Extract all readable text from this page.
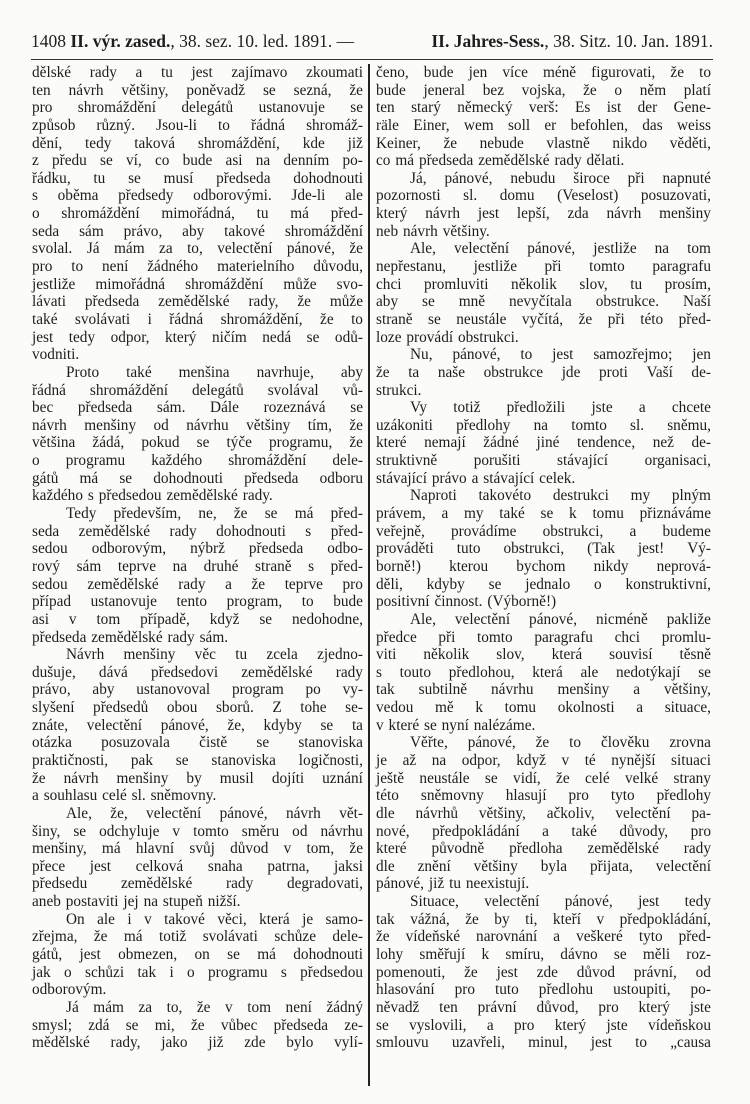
1408 II. výr. zased., 38. sez. 10. led. 1891. —	II. Jahres-Sess., 38. Sitz. 10. Jan. 1891.
dělské rady a tu jest zajímavo zkoumati
ten návrh většiny, poněvadž se sezná, že
pro shromáždění delegátů ustanovuje se
způsob různý. Jsou-li to řádná shromáž-
dění, tedy taková shromáždění, kde již
z předu se ví, co bude asi na denním po-
řádku, tu se musí předseda dohodnouti
s oběma předsedy odborovými. Jde-li ale
o shromáždění mimořádná, tu má před-
seda sám právo, aby takové shromáždění
svolal. Já mám za to, velectění pánové, že
pro to není žádného materielního důvodu,
jestliže mimořádná shromáždění může svo-
lávati předseda zemědělské rady, že může
také svolávati i řádná shromáždění, že to
jest tedy odpor, který ničím nedá se odů-
vodniti.
Proto také menšina navrhuje, aby
řádná shromáždění delegátů svolával vů-
bec předseda sám. Dále rozeznává se
návrh menšiny od návrhu většiny tím, že
většina žádá, pokud se týče programu, že
o programu každého shromáždění dele-
gátů má se dohodnouti předseda odboru
každého s předsedou zemědělské rady.
Tedy především, ne, že se má před-
seda zemědělské rady dohodnouti s před-
sedou odborovým, nýbrž předseda odbo-
rový sám teprve na druhé straně s před-
sedou zemědělské rady a že teprve pro
případ ustanovuje tento program, to bude
asi v tom případě, když se nedohodne,
předseda zemědělské rady sám.
Návrh menšiny věc tu zcela zjedno-
dušuje, dává předsedovi zemědělské rady
právo, aby ustanovoval program po vy-
slyšení předsedů obou sborů. Z tohe se-
znáte, velectění pánové, že, kdyby se ta
otázka posuzovala čistě se stanoviska
praktičnosti, pak se stanoviska logičnosti,
že návrh menšiny by musil dojíti uznání
a souhlasu celé sl. sněmovny.
Ale, že, velectění pánové, návrh vět-
šiny, se odchyluje v tomto směru od návrhu
menšiny, má hlavní svůj důvod v tom, že
přece jest celková snaha patrna, jaksi
předsedu zemědělské rady degradovati,
aneb postaviti jej na stupeň nižší.
On ale i v takové věci, která je samo-
zřejma, že má totiž svolávati schůze dele-
gátů, jest obmezen, on se má dohodnouti
jak o schůzi tak i o programu s předsedou
odborovým.
Já mám za to, že v tom není žádný
smysl; zdá se mi, že vůbec předseda ze-
mědělské rady, jako již zde bylo vylí-
čeno, bude jen více méně figurovati, že to
bude jeneral bez vojska, že o něm platí
ten starý německý verš: Es ist der Gene-
räle Einer, wem soll er befohlen, das weiss
Keiner, že nebude vlastně nikdo věděti,
co má předseda zemědělské rady dělati.
Já, pánové, nebudu široce při napnuté
pozornosti sl. domu (Veselost) posuzovati,
který návrh jest lepší, zda návrh menšiny
neb návrh většiny.
Ale, velectění pánové, jestliže na tom
nepřestanu, jestliže při tomto paragrafu
chci promluviti několik slov, tu prosím,
aby se mně nevyčítala obstrukce. Naší
straně se neustále vyčítá, že při této před-
loze provádí obstrukci.
Nu, pánové, to jest samozřejmo; jen
že ta naše obstrukce jde proti Vaší de-
strukci.
Vy totiž předložili jste a chcete
uzákoniti předlohy na tomto sl. sněmu,
které nemají žádné jiné tendence, než de-
struktivně porušiti stávající organisaci,
stávající právo a stávající celek.
Naproti takovéto destrukci my plným
právem, a my také se k tomu přiznáváme
veřejně, provádíme obstrukci, a budeme
prováděti tuto obstrukci, (Tak jest! Vý-
borně!) kterou bychom nikdy neprová-
děli, kdyby se jednalo o konstruktivní,
positivní činnost. (Výborně!)
Ale, velectění pánové, nicméně pakliže
předce při tomto paragrafu chci promlu-
viti několik slov, která souvisí těsně
s touto předlohou, která ale nedotýkají se
tak subtilně návrhu menšiny a většiny,
vedou mě k tomu okolnosti a situace,
v které se nyní nalézáme.
Věřte, pánové, že to člověku zrovna
je až na odpor, když v té nynější situaci
ještě neustále se vidí, že celé velké strany
této sněmovny hlasují pro tyto předlohy
dle návrhů většiny, ačkoliv, velectění pa-
nové, předpokládání a také důvody, pro
které původně předloha zemědělské rady
dle znění většiny byla přijata, velectění
pánové, již tu neexistují.
Situace, velectění pánové, jest tedy
tak vážná, že by ti, kteří v předpokládání,
že vídeňské narovnání a veškeré tyto před-
lohy směřují k smíru, dávno se měli roz-
pomenouti, že jest zde důvod právní, od
hlasování pro tuto předlohu ustoupiti, po-
něvadž ten právní důvod, pro který jste
se vyslovili, a pro který jste vídeňskou
smlouvu uzavřeli, minul, jest to „causa
